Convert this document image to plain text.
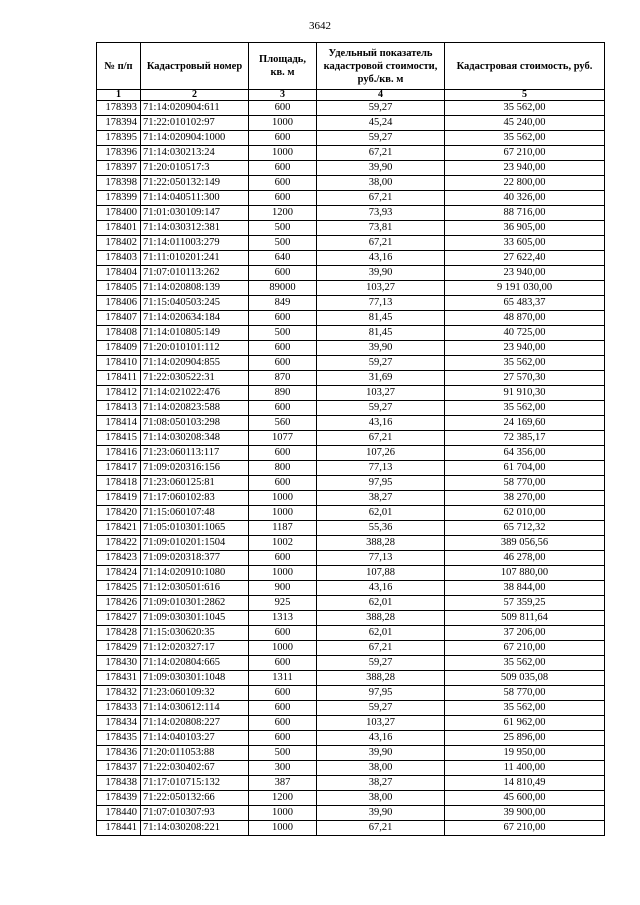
3642
№ п/п	Кадастровый номер	Площадь, кв. м	Удельный показатель кадастровой стоимости, руб./кв. м	Кадастровая стоимость, руб.
1	2	3	4	5
178393	71:14:020904:611	600	59,27	35 562,00
178394	71:22:010102:97	1000	45,24	45 240,00
178395	71:14:020904:1000	600	59,27	35 562,00
178396	71:14:030213:24	1000	67,21	67 210,00
178397	71:20:010517:3	600	39,90	23 940,00
178398	71:22:050132:149	600	38,00	22 800,00
178399	71:14:040511:300	600	67,21	40 326,00
178400	71:01:030109:147	1200	73,93	88 716,00
178401	71:14:030312:381	500	73,81	36 905,00
178402	71:14:011003:279	500	67,21	33 605,00
178403	71:11:010201:241	640	43,16	27 622,40
178404	71:07:010113:262	600	39,90	23 940,00
178405	71:14:020808:139	89000	103,27	9 191 030,00
178406	71:15:040503:245	849	77,13	65 483,37
178407	71:14:020634:184	600	81,45	48 870,00
178408	71:14:010805:149	500	81,45	40 725,00
178409	71:20:010101:112	600	39,90	23 940,00
178410	71:14:020904:855	600	59,27	35 562,00
178411	71:22:030522:31	870	31,69	27 570,30
178412	71:14:021022:476	890	103,27	91 910,30
178413	71:14:020823:588	600	59,27	35 562,00
178414	71:08:050103:298	560	43,16	24 169,60
178415	71:14:030208:348	1077	67,21	72 385,17
178416	71:23:060113:117	600	107,26	64 356,00
178417	71:09:020316:156	800	77,13	61 704,00
178418	71:23:060125:81	600	97,95	58 770,00
178419	71:17:060102:83	1000	38,27	38 270,00
178420	71:15:060107:48	1000	62,01	62 010,00
178421	71:05:010301:1065	1187	55,36	65 712,32
178422	71:09:010201:1504	1002	388,28	389 056,56
178423	71:09:020318:377	600	77,13	46 278,00
178424	71:14:020910:1080	1000	107,88	107 880,00
178425	71:12:030501:616	900	43,16	38 844,00
178426	71:09:010301:2862	925	62,01	57 359,25
178427	71:09:030301:1045	1313	388,28	509 811,64
178428	71:15:030620:35	600	62,01	37 206,00
178429	71:12:020327:17	1000	67,21	67 210,00
178430	71:14:020804:665	600	59,27	35 562,00
178431	71:09:030301:1048	1311	388,28	509 035,08
178432	71:23:060109:32	600	97,95	58 770,00
178433	71:14:030612:114	600	59,27	35 562,00
178434	71:14:020808:227	600	103,27	61 962,00
178435	71:14:040103:27	600	43,16	25 896,00
178436	71:20:011053:88	500	39,90	19 950,00
178437	71:22:030402:67	300	38,00	11 400,00
178438	71:17:010715:132	387	38,27	14 810,49
178439	71:22:050132:66	1200	38,00	45 600,00
178440	71:07:010307:93	1000	39,90	39 900,00
178441	71:14:030208:221	1000	67,21	67 210,00
